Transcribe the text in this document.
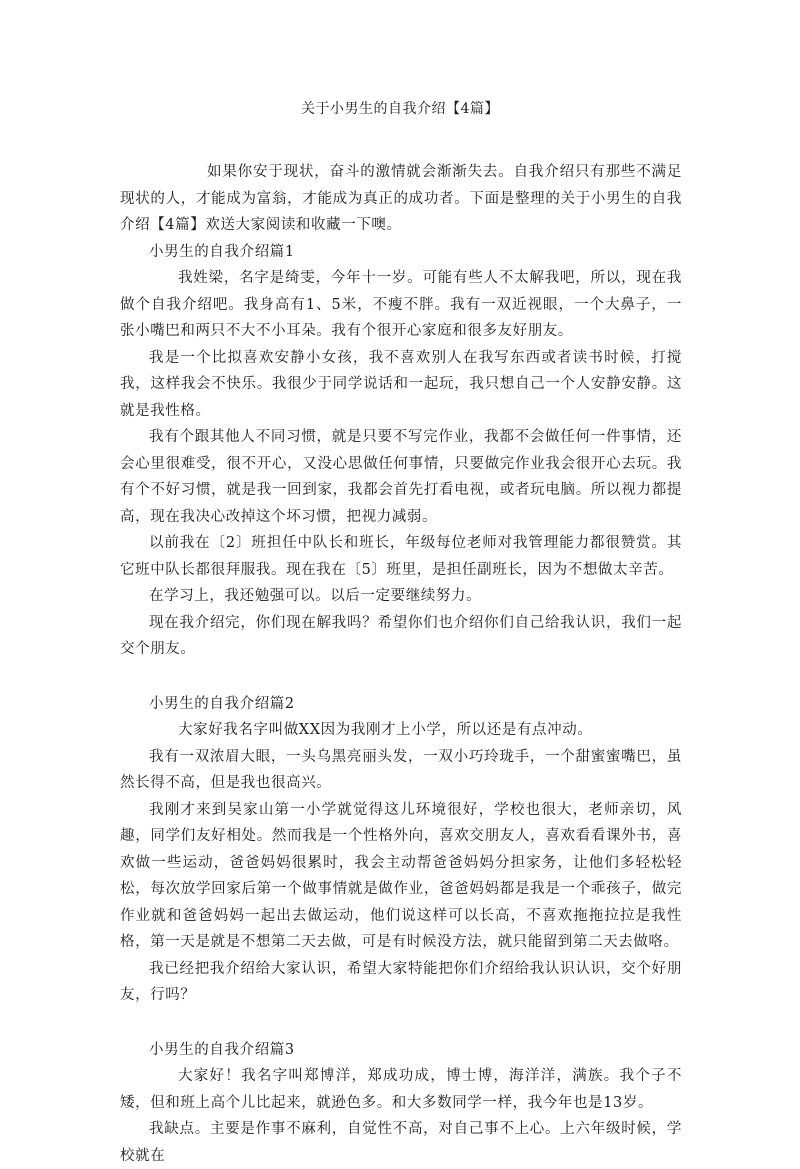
关于小男生的自我介绍【4篇】

如果你安于现状，奋斗的激情就会渐渐失去。自我介绍只有那些不满足现状的人，才能成为富翁，才能成为真正的成功者。下面是整理的关于小男生的自我介绍【4篇】欢送大家阅读和收藏一下噢。

小男生的自我介绍篇1

我姓梁，名字是绮雯，今年十一岁。可能有些人不太解我吧，所以，现在我做个自我介绍吧。我身高有1、5米，不瘦不胖。我有一双近视眼，一个大鼻子，一张小嘴巴和两只不大不小耳朵。我有个很开心家庭和很多友好朋友。

我是一个比拟喜欢安静小女孩，我不喜欢别人在我写东西或者读书时候，打搅我，这样我会不快乐。我很少于同学说话和一起玩，我只想自己一个人安静安静。这就是我性格。

我有个跟其他人不同习惯，就是只要不写完作业，我都不会做任何一件事情，还会心里很难受，很不开心，又没心思做任何事情，只要做完作业我会很开心去玩。我有个不好习惯，就是我一回到家，我都会首先打看电视，或者玩电脑。所以视力都提高，现在我决心改掉这个坏习惯，把视力减弱。

以前我在〔2〕班担任中队长和班长，年级每位老师对我管理能力都很赞赏。其它班中队长都很拜服我。现在我在〔5〕班里，是担任副班长，因为不想做太辛苦。

在学习上，我还勉强可以。以后一定要继续努力。

现在我介绍完，你们现在解我吗？希望你们也介绍你们自己给我认识，我们一起交个朋友。

小男生的自我介绍篇2

大家好我名字叫做XX因为我刚才上小学，所以还是有点冲动。

我有一双浓眉大眼，一头乌黑亮丽头发，一双小巧玲珑手，一个甜蜜蜜嘴巴，虽然长得不高，但是我也很高兴。

我刚才来到吴家山第一小学就觉得这儿环境很好，学校也很大，老师亲切，风趣，同学们友好相处。然而我是一个性格外向，喜欢交朋友人，喜欢看看课外书，喜欢做一些运动，爸爸妈妈很累时，我会主动帮爸爸妈妈分担家务，让他们多轻松轻松，每次放学回家后第一个做事情就是做作业，爸爸妈妈都是我是一个乖孩子，做完作业就和爸爸妈妈一起出去做运动，他们说这样可以长高，不喜欢拖拖拉拉是我性格，第一天是就是不想第二天去做，可是有时候没方法，就只能留到第二天去做咯。

我已经把我介绍给大家认识，希望大家特能把你们介绍给我认识认识，交个好朋友，行吗？

小男生的自我介绍篇3

大家好！我名字叫郑博洋，郑成功成，博士博，海洋洋，满族。我个子不矮，但和班上高个儿比起来，就逊色多。和大多数同学一样，我今年也是13岁。

我缺点。主要是作事不麻利，自觉性不高，对自己事不上心。上六年级时候，学校就在
